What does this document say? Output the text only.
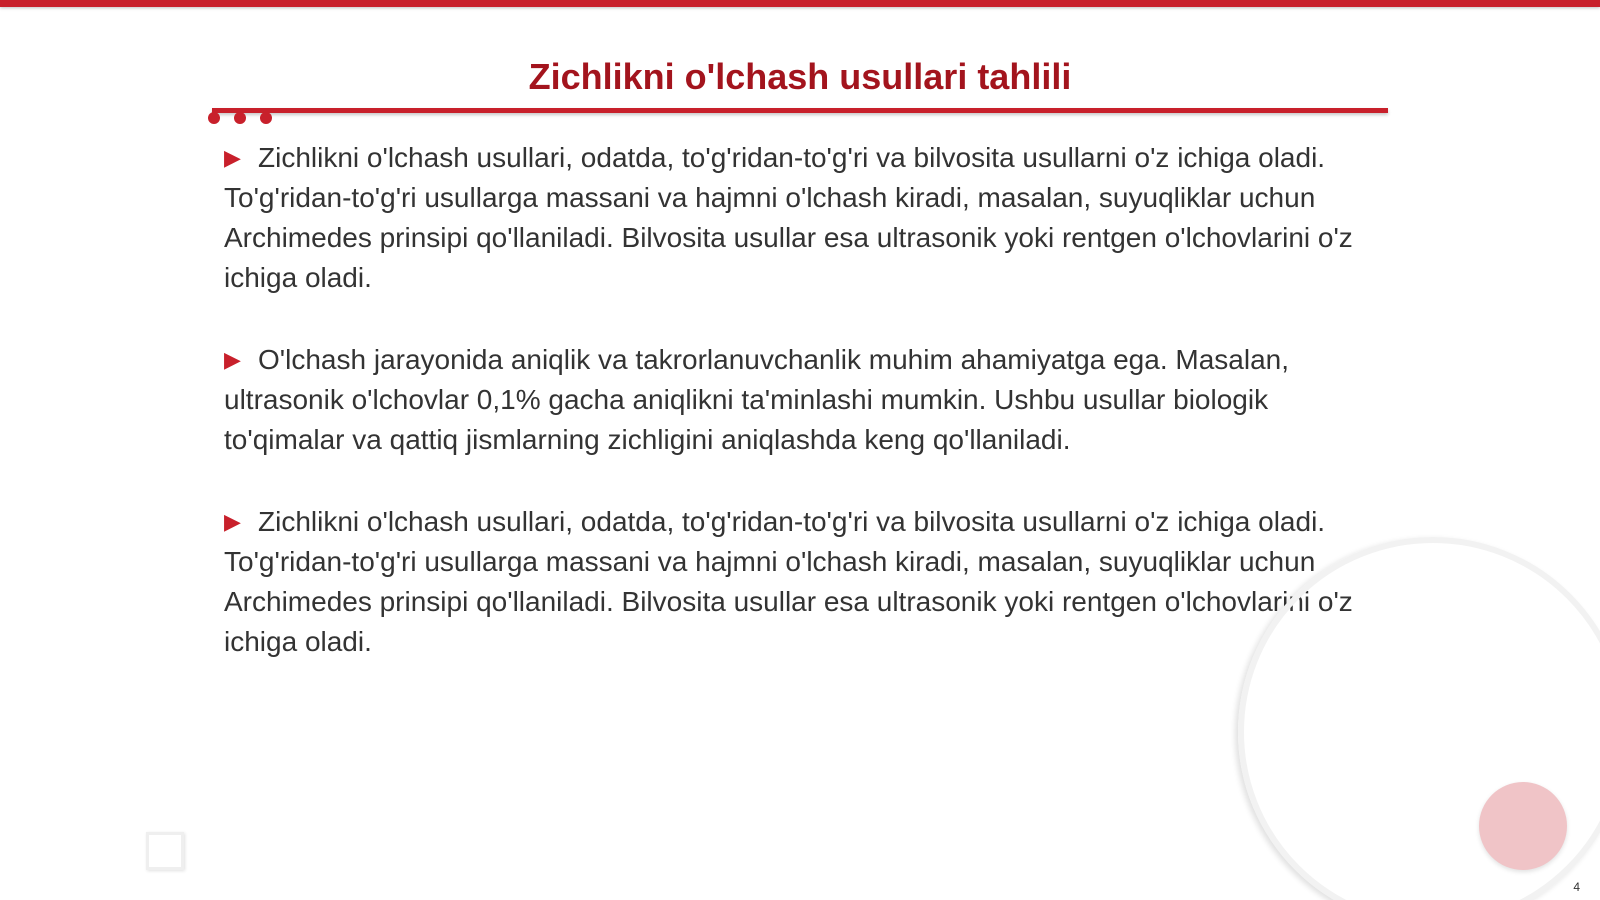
Zichlikni o'lchash usullari tahlili

▶ Zichlikni o'lchash usullari, odatda, to'g'ridan-to'g'ri va bilvosita usullarni o'z ichiga oladi. To'g'ridan-to'g'ri usullarga massani va hajmni o'lchash kiradi, masalan, suyuqliklar uchun Archimedes prinsipi qo'llaniladi. Bilvosita usullar esa ultrasonik yoki rentgen o'lchovlarini o'z ichiga oladi.

▶ O'lchash jarayonida aniqlik va takrorlanuvchanlik muhim ahamiyatga ega. Masalan, ultrasonik o'lchovlar 0,1% gacha aniqlikni ta'minlashi mumkin. Ushbu usullar biologik to'qimalar va qattiq jismlarning zichligini aniqlashda keng qo'llaniladi.

▶ Zichlikni o'lchash usullari, odatda, to'g'ridan-to'g'ri va bilvosita usullarni o'z ichiga oladi. To'g'ridan-to'g'ri usullarga massani va hajmni o'lchash kiradi, masalan, suyuqliklar uchun Archimedes prinsipi qo'llaniladi. Bilvosita usullar esa ultrasonik yoki rentgen o'lchovlarini o'z ichiga oladi.

4
